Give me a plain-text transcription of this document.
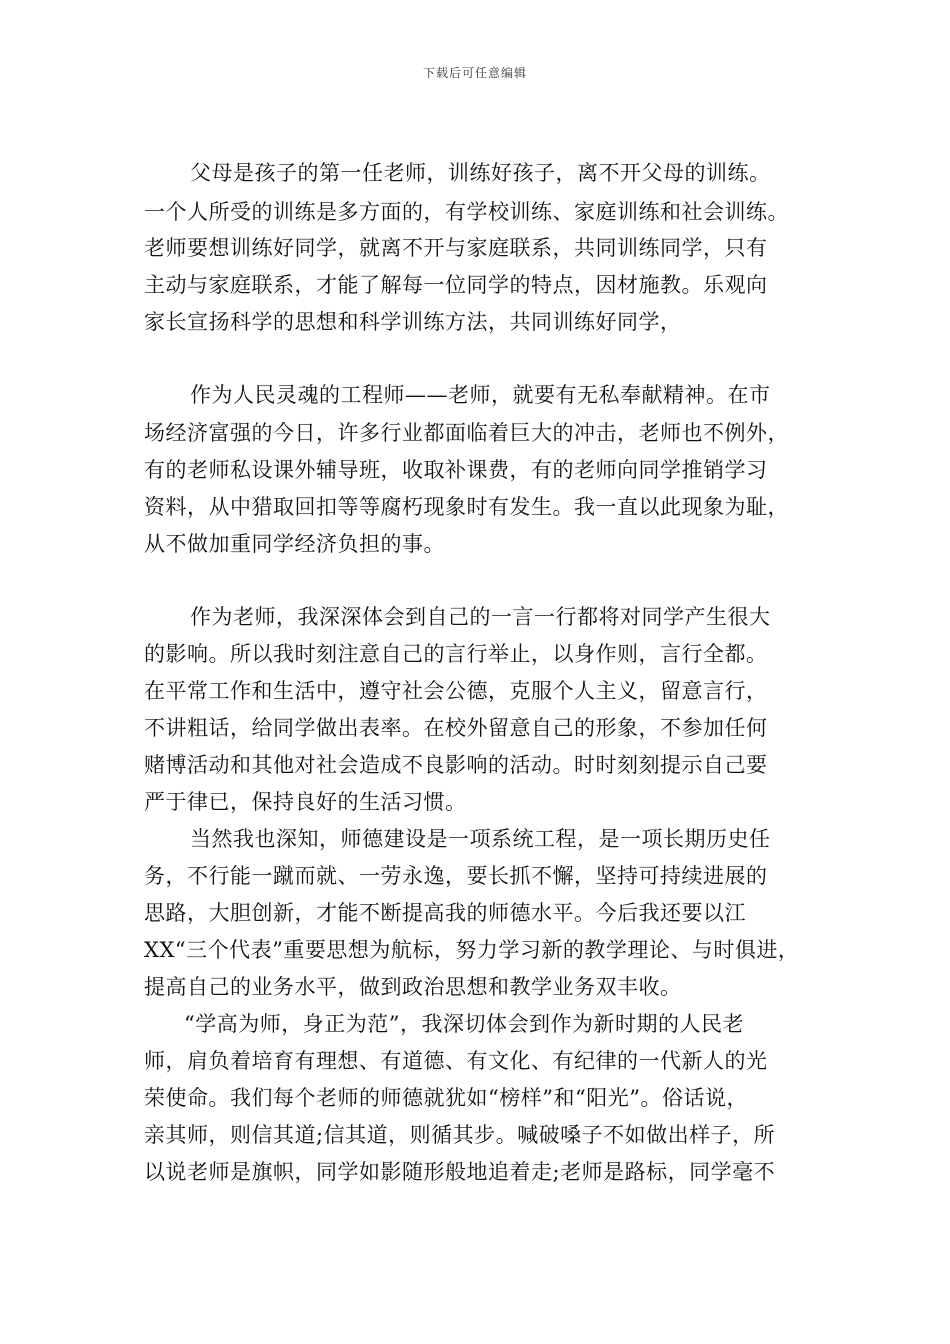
下载后可任意编辑
父母是孩子的第一任老师，训练好孩子，离不开父母的训练。
一个人所受的训练是多方面的，有学校训练、家庭训练和社会训练。
老师要想训练好同学，就离不开与家庭联系，共同训练同学，只有
主动与家庭联系，才能了解每一位同学的特点，因材施教。乐观向
家长宣扬科学的思想和科学训练方法，共同训练好同学，
作为人民灵魂的工程师——老师，就要有无私奉献精神。在市
场经济富强的今日，许多行业都面临着巨大的冲击，老师也不例外，
有的老师私设课外辅导班，收取补课费，有的老师向同学推销学习
资料，从中猎取回扣等等腐朽现象时有发生。我一直以此现象为耻，
从不做加重同学经济负担的事。
作为老师，我深深体会到自己的一言一行都将对同学产生很大
的影响。所以我时刻注意自己的言行举止，以身作则，言行全都。
在平常工作和生活中，遵守社会公德，克服个人主义，留意言行，
不讲粗话，给同学做出表率。在校外留意自己的形象，不参加任何
赌博活动和其他对社会造成不良影响的活动。时时刻刻提示自己要
严于律已，保持良好的生活习惯。
当然我也深知，师德建设是一项系统工程，是一项长期历史任
务，不行能一蹴而就、一劳永逸，要长抓不懈，坚持可持续进展的
思路，大胆创新，才能不断提高我的师德水平。今后我还要以江
XX“三个代表”重要思想为航标，努力学习新的教学理论、与时俱进，
提高自己的业务水平，做到政治思想和教学业务双丰收。
“学高为师，身正为范”，我深切体会到作为新时期的人民老
师，肩负着培育有理想、有道德、有文化、有纪律的一代新人的光
荣使命。我们每个老师的师德就犹如“榜样”和“阳光”。俗话说，
亲其师，则信其道;信其道，则循其步。喊破嗓子不如做出样子，所
以说老师是旗帜，同学如影随形般地追着走;老师是路标，同学毫不
